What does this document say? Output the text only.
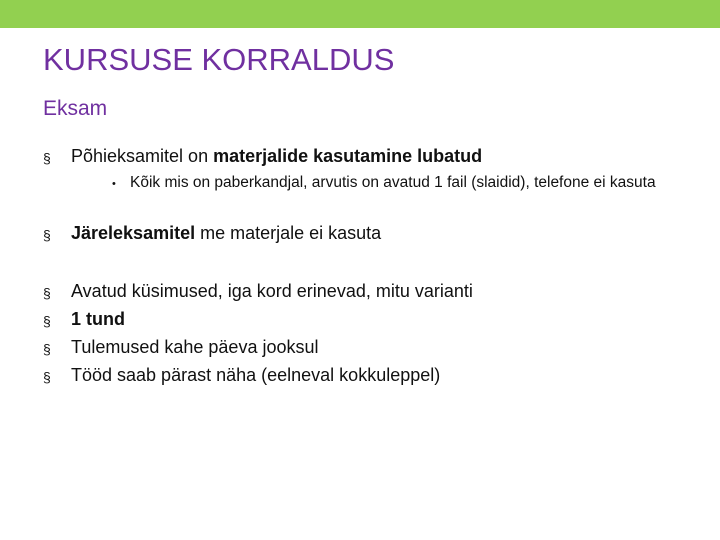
KURSUSE KORRALDUS
Eksam
§	Põhieksamitel on materjalide kasutamine lubatud
• Kõik mis on paberkandjal, arvutis on avatud 1 fail (slaidid), telefone ei kasuta
§	Järeleksamitel me materjale ei kasuta
§	Avatud küsimused, iga kord erinevad, mitu varianti
§	1 tund
§	Tulemused kahe päeva jooksul
§	Tööd saab pärast näha (eelneval kokkuleppel)
